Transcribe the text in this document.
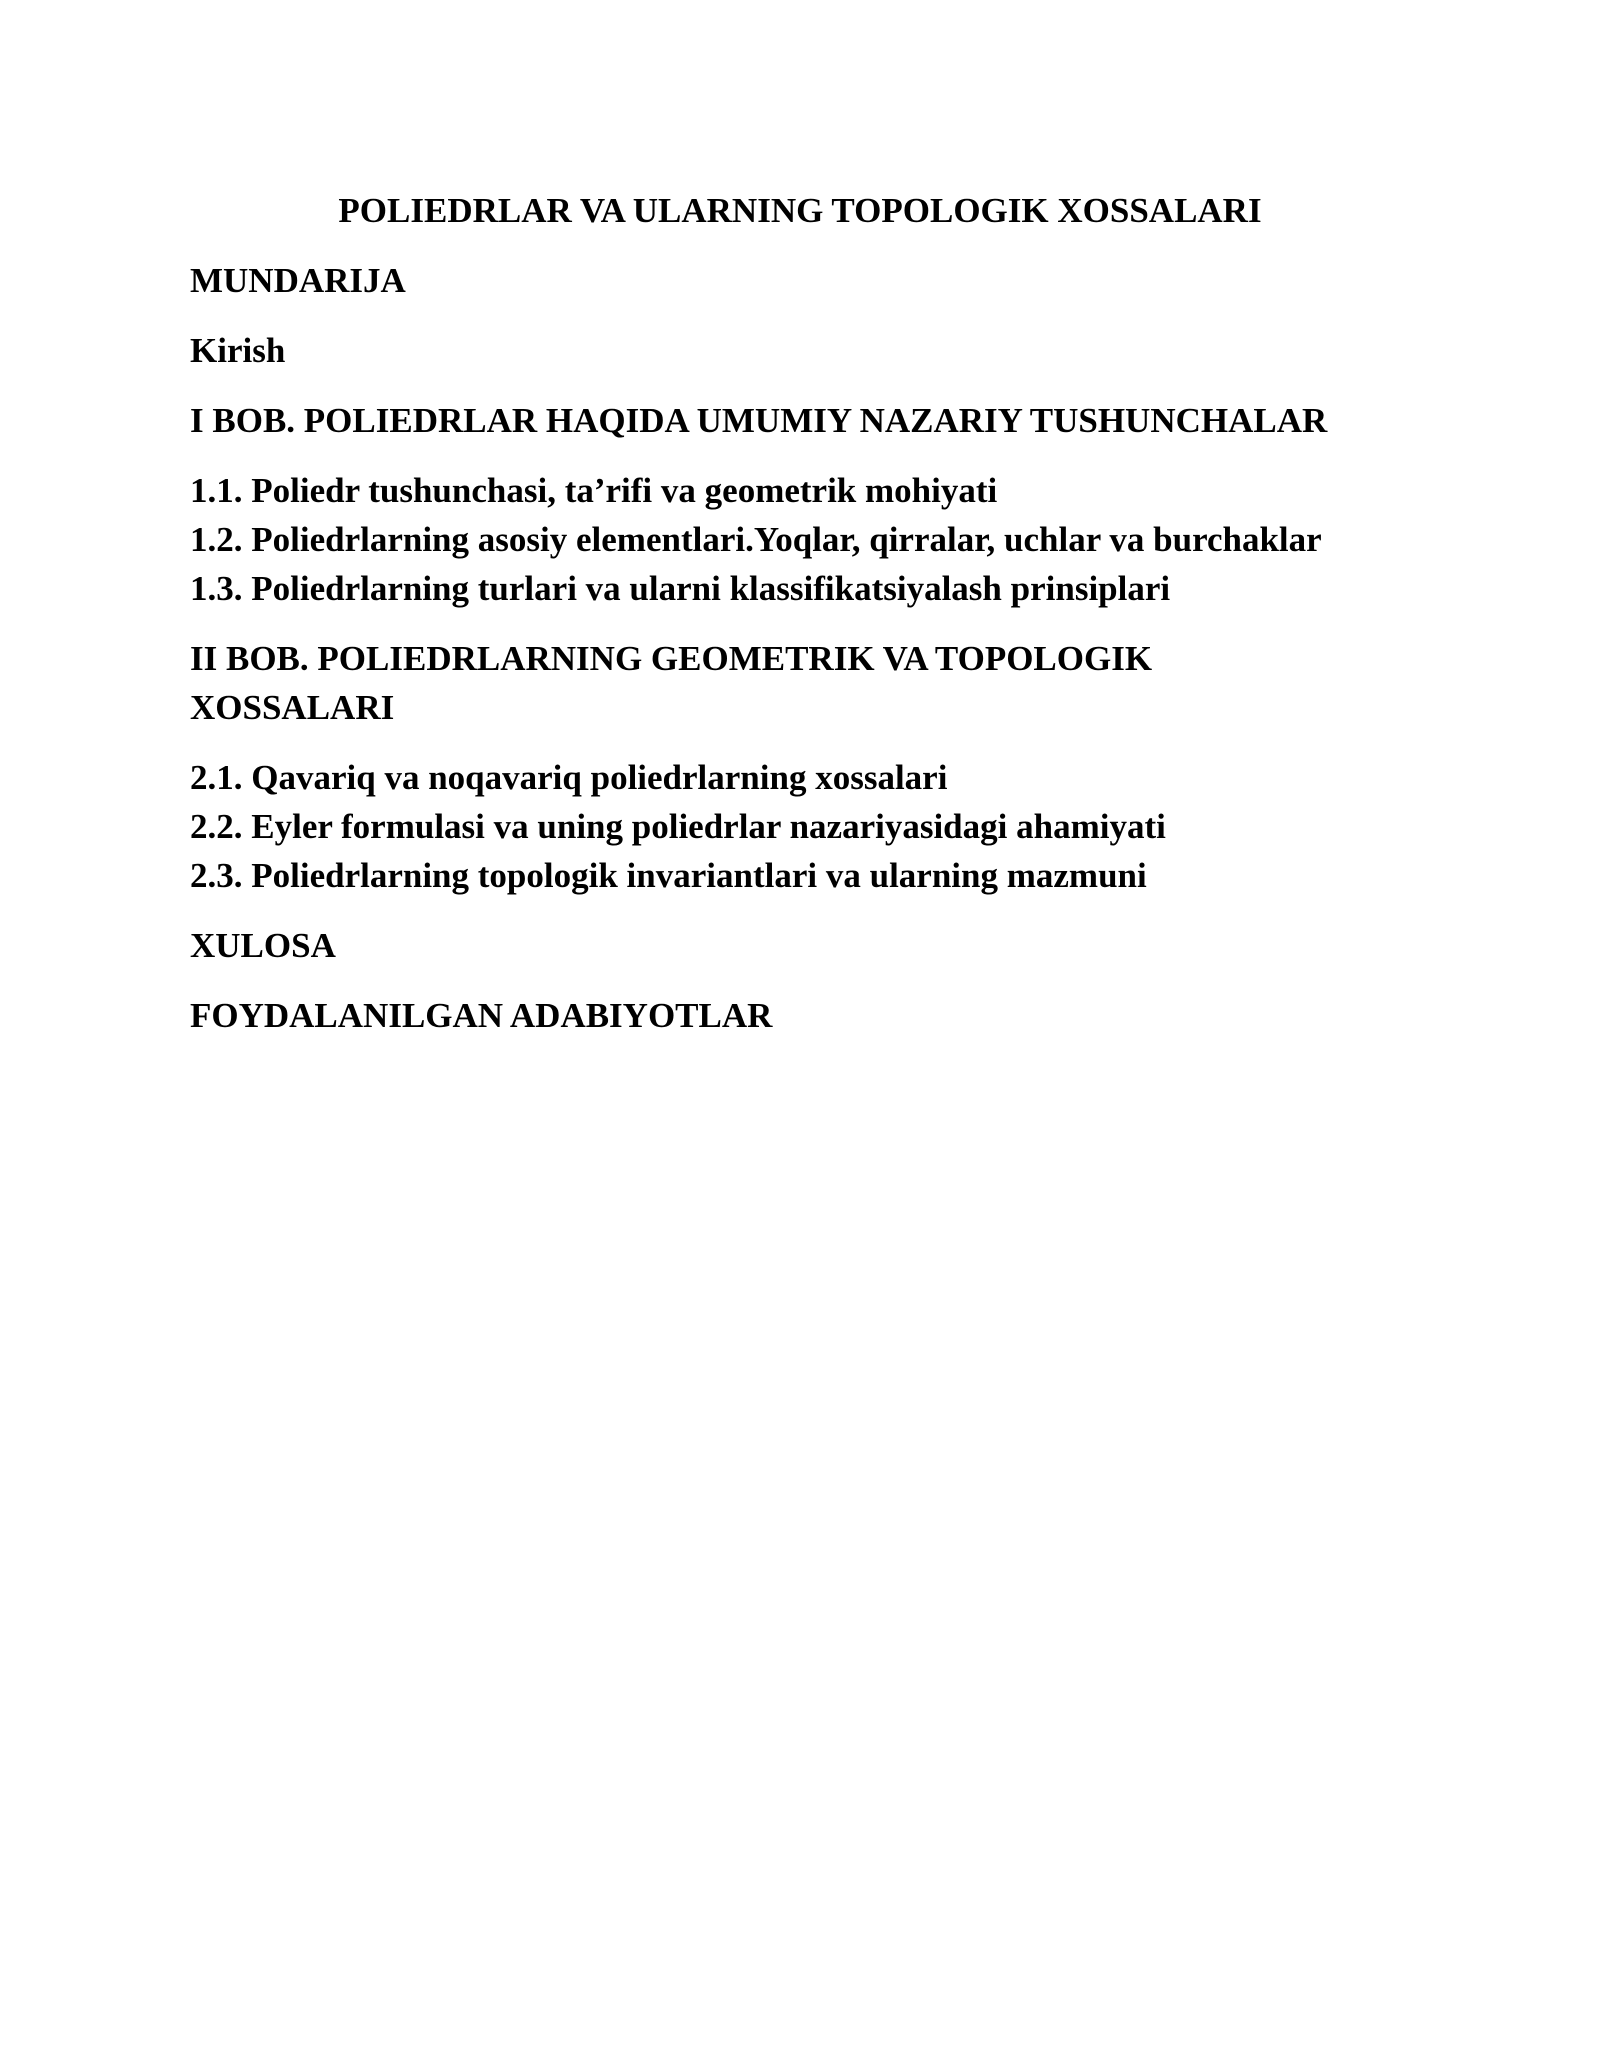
POLIEDRLAR VA ULARNING TOPOLOGIK XOSSALARI

MUNDARIJA

Kirish

I BOB. POLIEDRLAR HAQIDA UMUMIY NAZARIY TUSHUNCHALAR

1.1. Poliedr tushunchasi, ta’rifi va geometrik mohiyati

1.2. Poliedrlarning asosiy elementlari.Yoqlar, qirralar, uchlar va burchaklar

1.3. Poliedrlarning turlari va ularni klassifikatsiyalash prinsiplari

II BOB. POLIEDRLARNING GEOMETRIK VA TOPOLOGIK XOSSALARI

2.1. Qavariq va noqavariq poliedrlarning xossalari

2.2. Eyler formulasi va uning poliedrlar nazariyasidagi ahamiyati

2.3. Poliedrlarning topologik invariantlari va ularning mazmuni

XULOSA

FOYDALANILGAN ADABIYOTLAR
